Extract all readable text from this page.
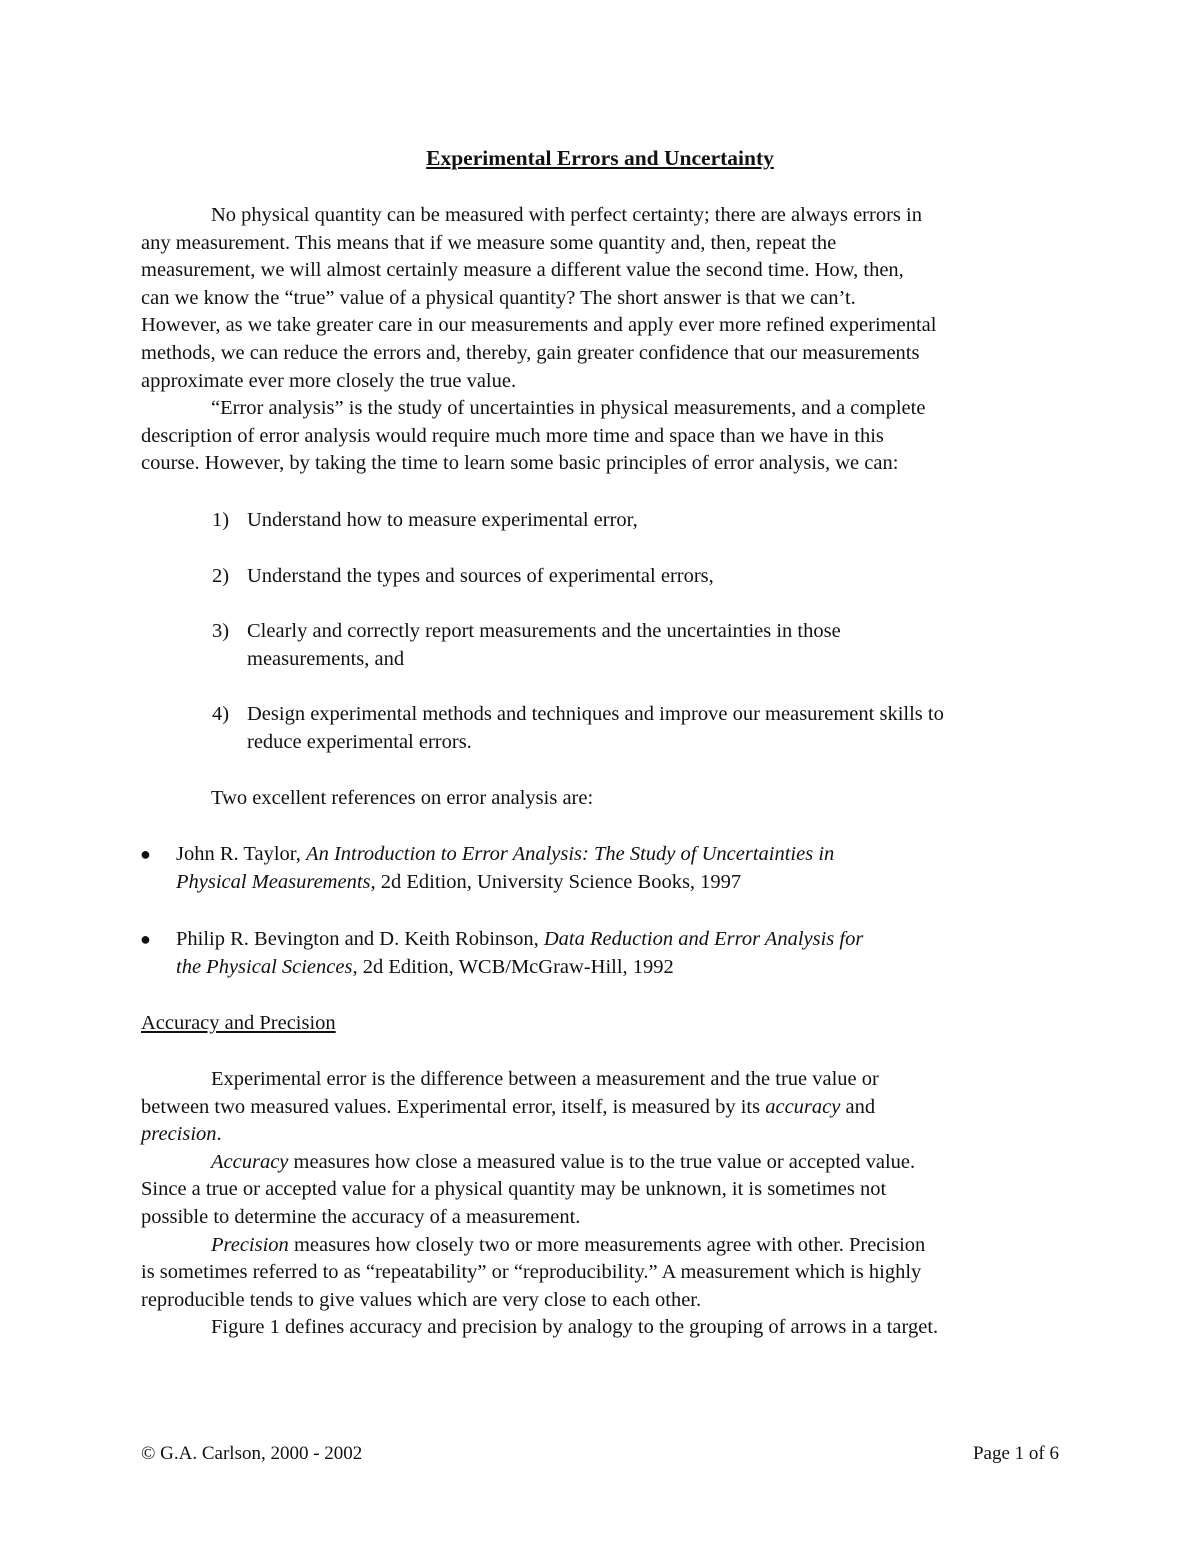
Experimental Errors and Uncertainty
No physical quantity can be measured with perfect certainty; there are always errors in
any measurement. This means that if we measure some quantity and, then, repeat the
measurement, we will almost certainly measure a different value the second time. How, then,
can we know the “true” value of a physical quantity? The short answer is that we can’t.
However, as we take greater care in our measurements and apply ever more refined experimental
methods, we can reduce the errors and, thereby, gain greater confidence that our measurements
approximate ever more closely the true value.
“Error analysis” is the study of uncertainties in physical measurements, and a complete
description of error analysis would require much more time and space than we have in this
course. However, by taking the time to learn some basic principles of error analysis, we can:
1) Understand how to measure experimental error,
2) Understand the types and sources of experimental errors,
3) Clearly and correctly report measurements and the uncertainties in those
measurements, and
4) Design experimental methods and techniques and improve our measurement skills to
reduce experimental errors.
Two excellent references on error analysis are:
● John R. Taylor, An Introduction to Error Analysis: The Study of Uncertainties in
Physical Measurements, 2d Edition, University Science Books, 1997
● Philip R. Bevington and D. Keith Robinson, Data Reduction and Error Analysis for
the Physical Sciences, 2d Edition, WCB/McGraw-Hill, 1992
Accuracy and Precision
Experimental error is the difference between a measurement and the true value or
between two measured values. Experimental error, itself, is measured by its accuracy and
precision.
Accuracy measures how close a measured value is to the true value or accepted value.
Since a true or accepted value for a physical quantity may be unknown, it is sometimes not
possible to determine the accuracy of a measurement.
Precision measures how closely two or more measurements agree with other. Precision
is sometimes referred to as “repeatability” or “reproducibility.” A measurement which is highly
reproducible tends to give values which are very close to each other.
Figure 1 defines accuracy and precision by analogy to the grouping of arrows in a target.
© G.A. Carlson, 2000 - 2002	Page 1 of 6
